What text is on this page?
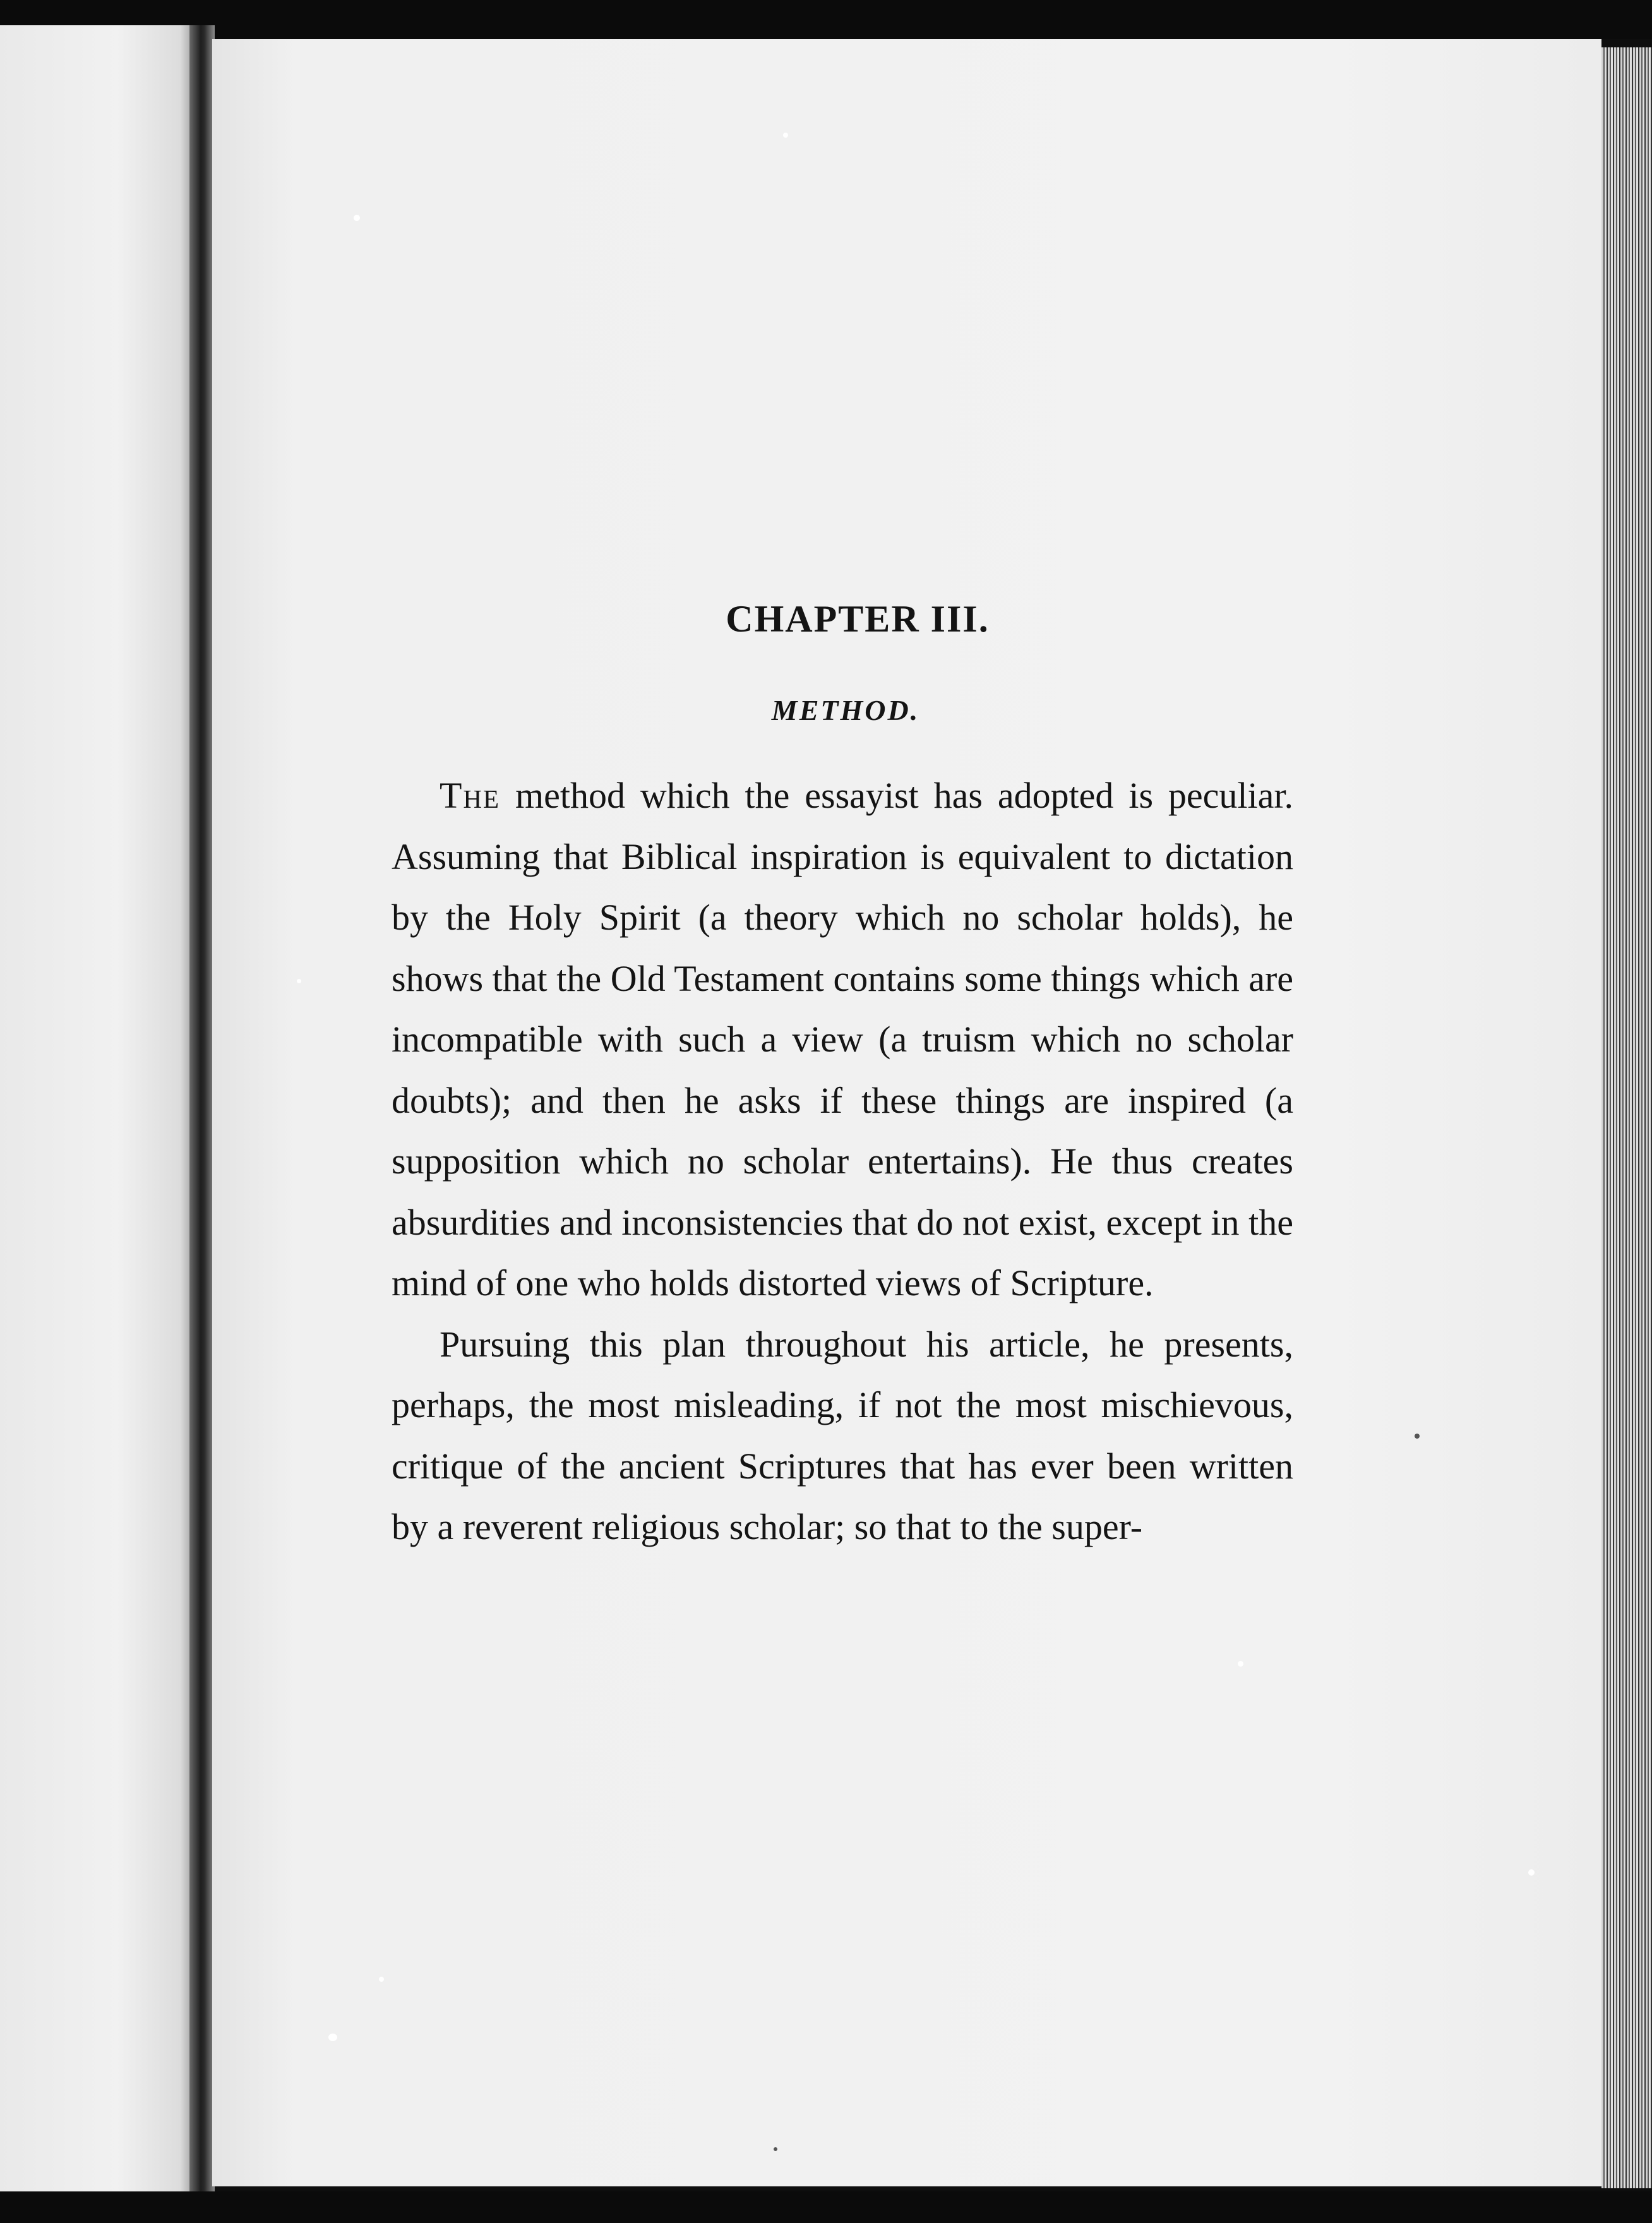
CHAPTER III.
METHOD.

The method which the essayist has adopted is peculiar. Assuming that Biblical inspiration is equivalent to dictation by the Holy Spirit (a theory which no scholar holds), he shows that the Old Testament contains some things which are incompatible with such a view (a truism which no scholar doubts); and then he asks if these things are inspired (a supposition which no scholar entertains). He thus creates absurdities and inconsistencies that do not exist, except in the mind of one who holds distorted views of Scripture.

Pursuing this plan throughout his article, he presents, perhaps, the most misleading, if not the most mischievous, critique of the ancient Scriptures that has ever been written by a reverent religious scholar; so that to the super-
